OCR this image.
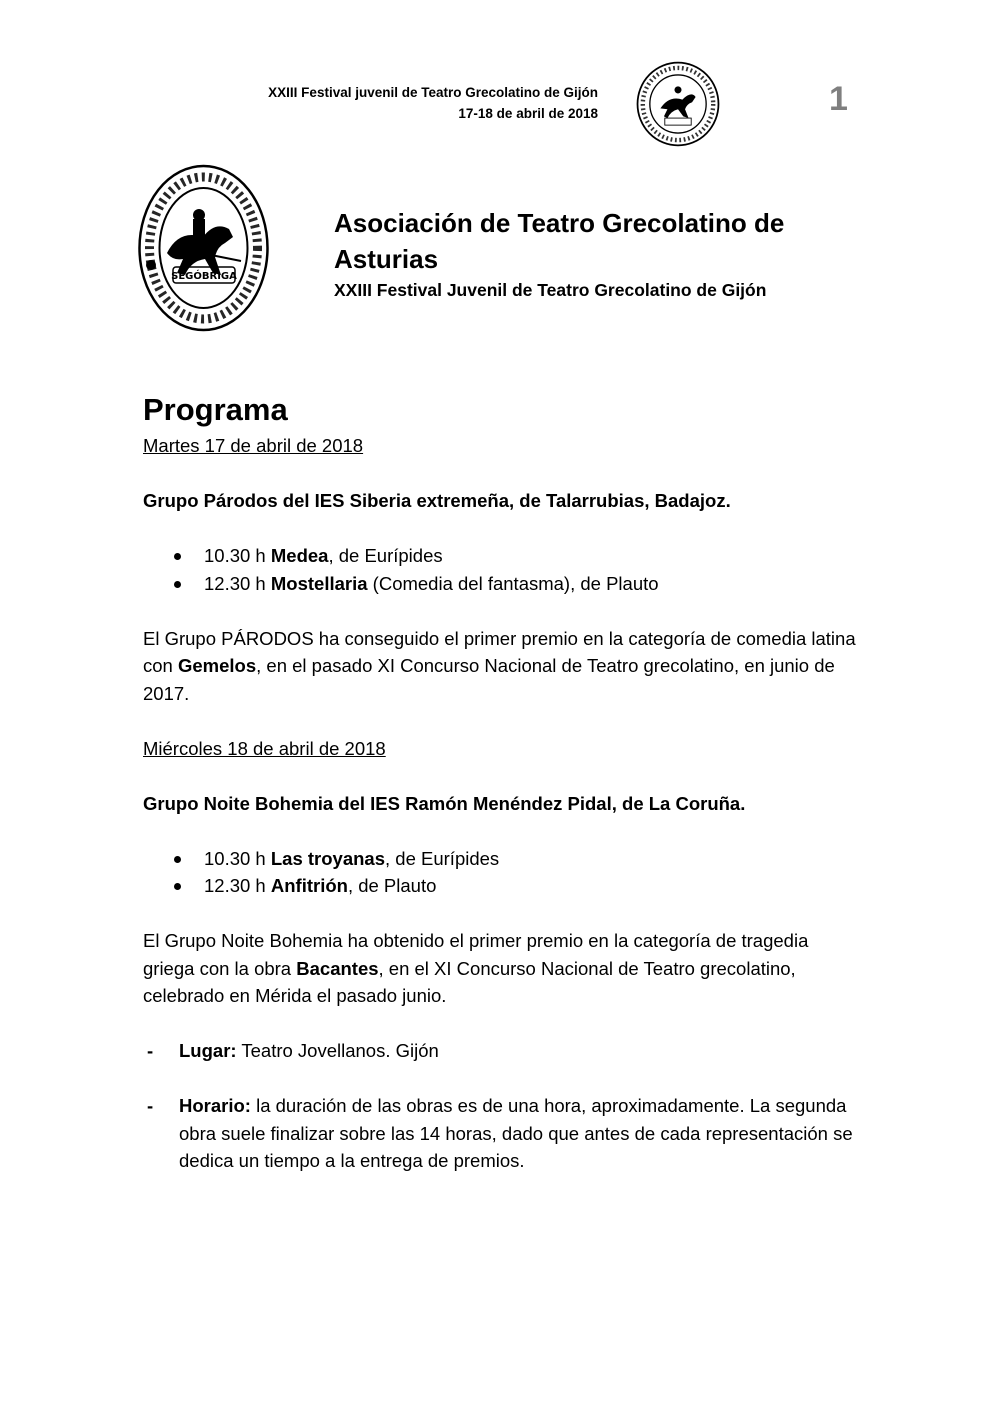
XXIII Festival juvenil de Teatro Grecolatino de Gijón
17-18 de abril de 2018	1
SEGÓBRIGA
Asociación de Teatro Grecolatino de Asturias
XXIII Festival Juvenil de Teatro Grecolatino de Gijón
Programa

Martes 17 de abril de 2018

Grupo Párodos del IES Siberia extremeña, de Talarrubias, Badajoz.

10.30 h Medea, de Eurípides
12.30 h Mostellaria (Comedia del fantasma), de Plauto

El Grupo PÁRODOS ha conseguido el primer premio en la categoría de comedia latina con Gemelos, en el pasado XI Concurso Nacional de Teatro grecolatino, en junio de 2017.

Miércoles 18 de abril de 2018

Grupo Noite Bohemia del IES Ramón Menéndez Pidal, de La Coruña.

10.30 h Las troyanas, de Eurípides
12.30 h Anfitrión, de Plauto

El Grupo Noite Bohemia ha obtenido el primer premio en la categoría de tragedia griega con la obra Bacantes, en el XI Concurso Nacional de Teatro grecolatino, celebrado en Mérida el pasado junio.

- Lugar: Teatro Jovellanos. Gijón
- Horario: la duración de las obras es de una hora, aproximadamente. La segunda obra suele finalizar sobre las 14 horas, dado que antes de cada representación se dedica un tiempo a la entrega de premios.
